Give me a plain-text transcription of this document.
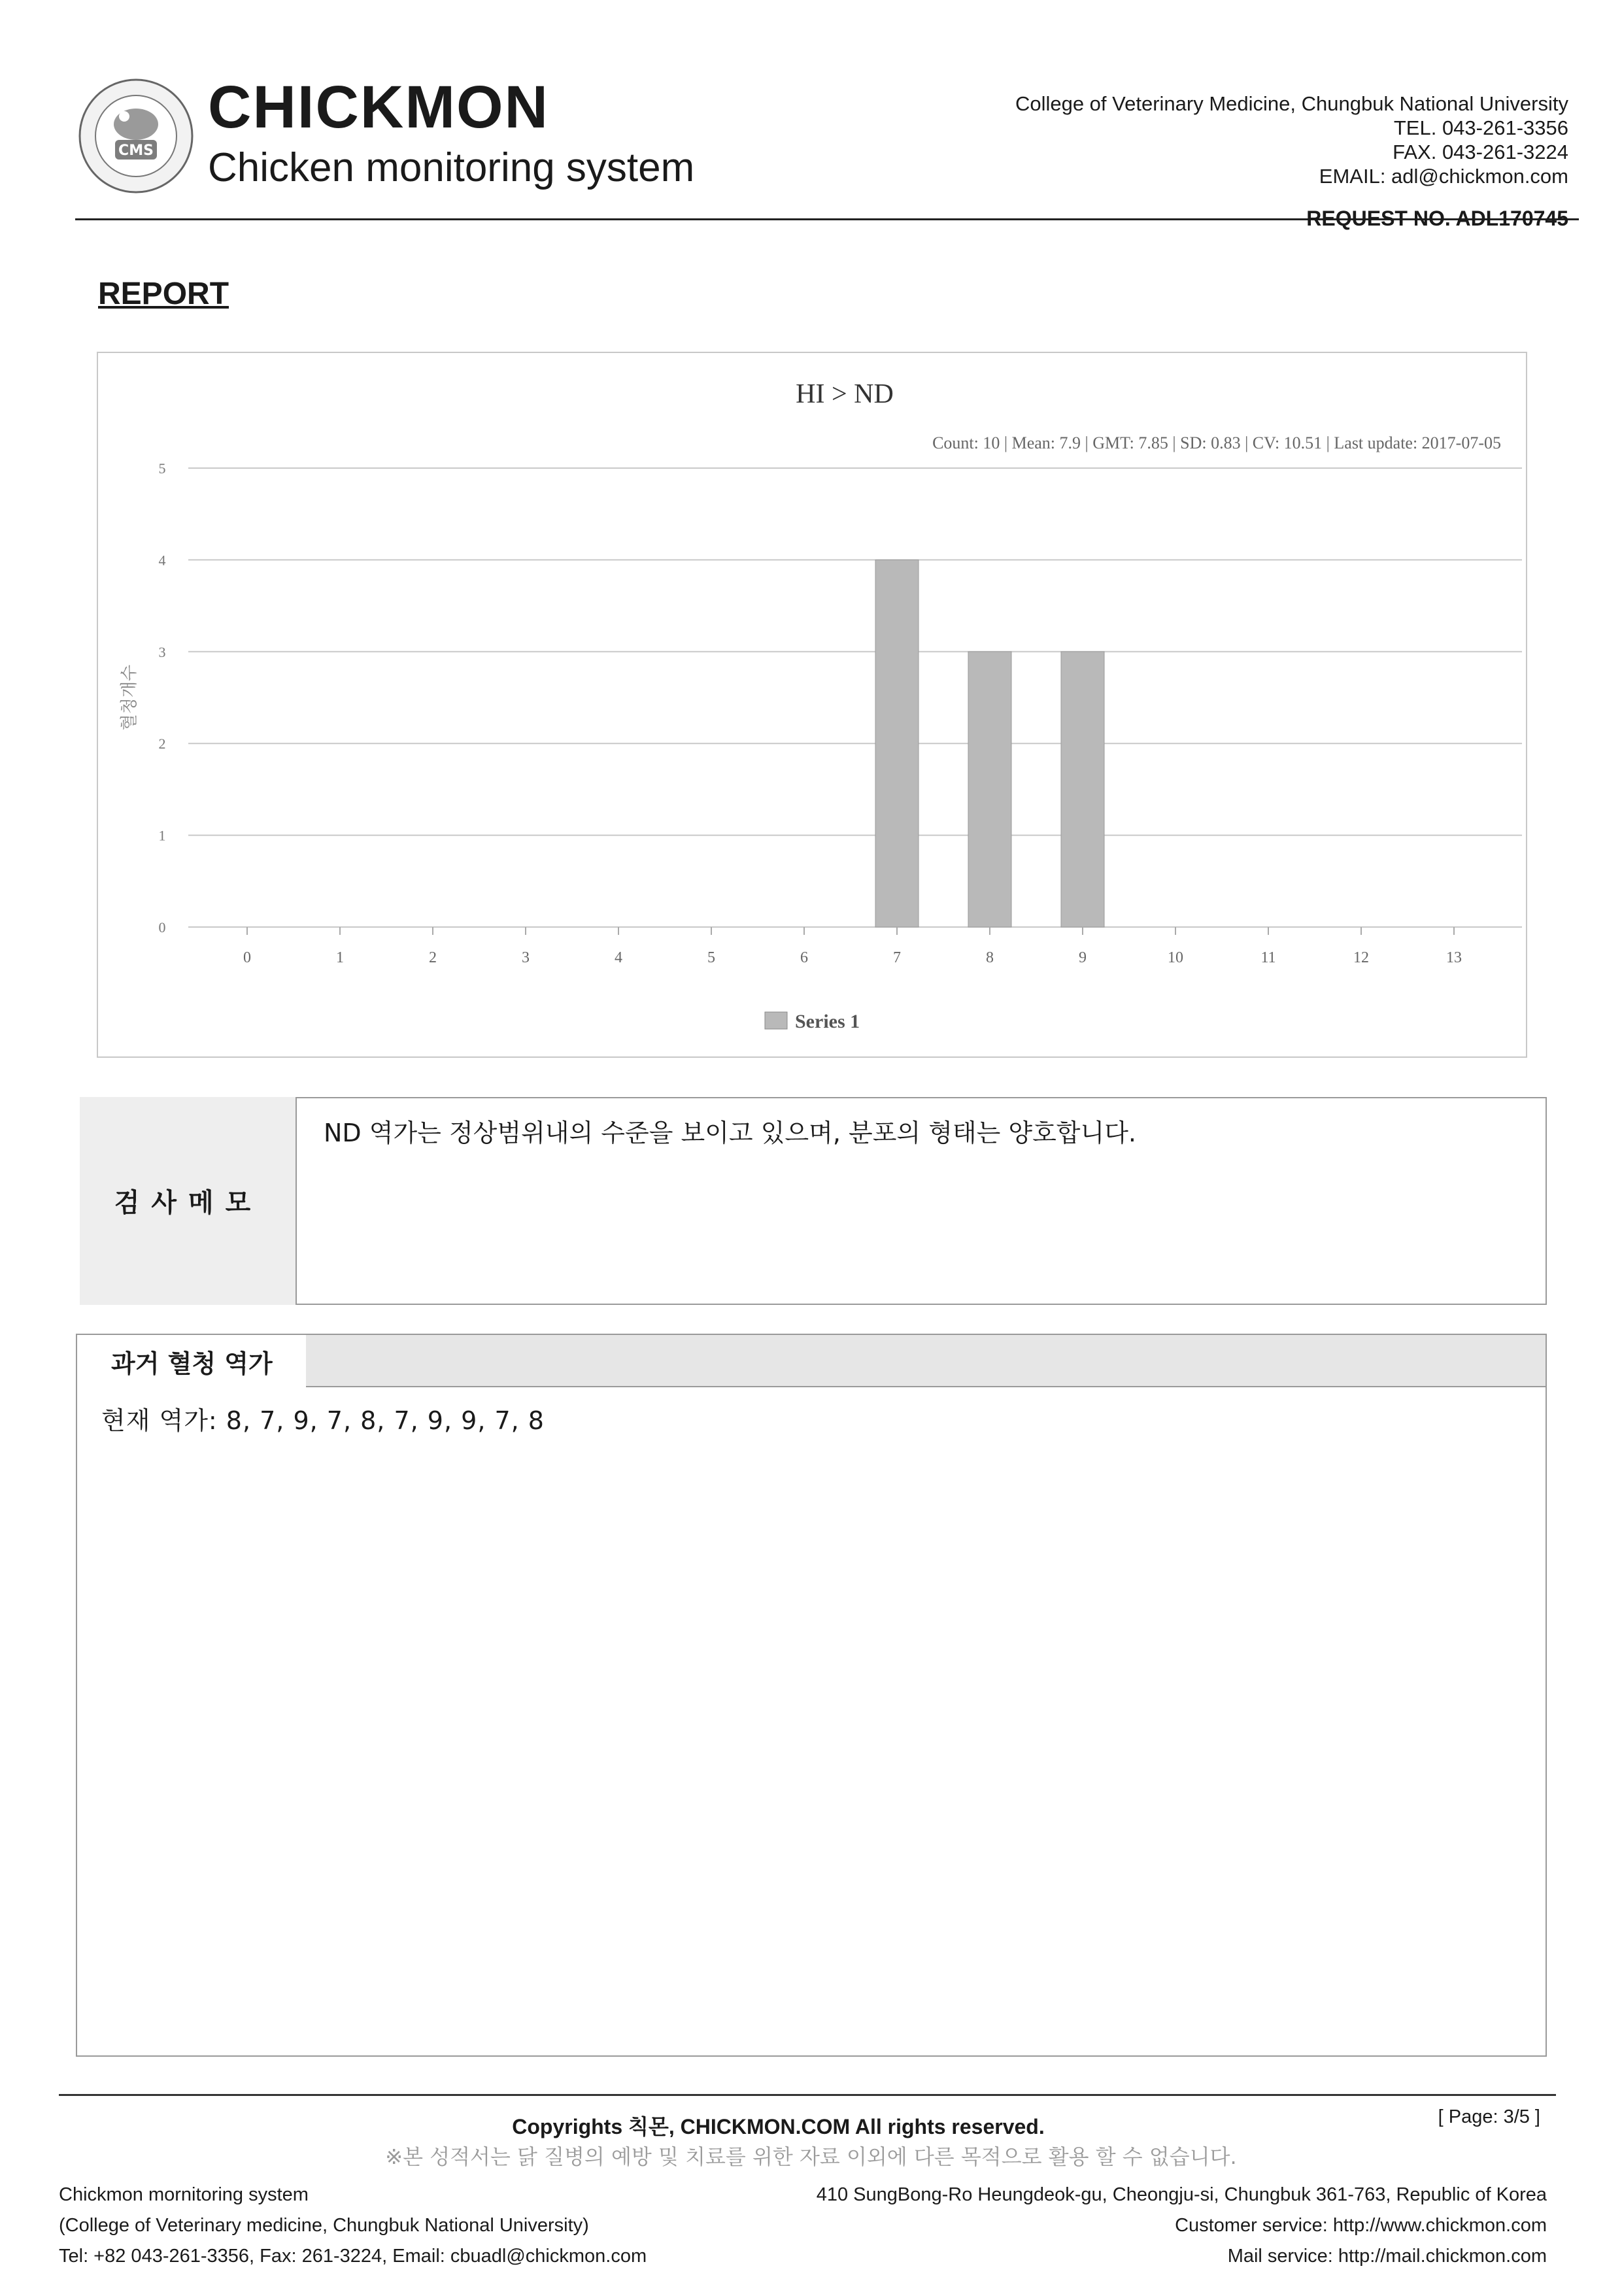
CMS
CHICKMON
Chicken monitoring system
College of Veterinary Medicine, Chungbuk National University
TEL. 043-261-3356
FAX. 043-261-3224
EMAIL: adl@chickmon.com
REQUEST NO. ADL170745
REPORT
HI > ND
Count: 10 | Mean: 7.9 | GMT: 7.85 | SD: 0.83 | CV: 10.51 | Last update: 2017-07-05
0
1
2
3
4
5
혈청개수
0	1	2	3	4	5	6	7	8	9	10	11	12	13
Series 1
검사메모
ND 역가는 정상범위내의 수준을 보이고 있으며, 분포의 형태는 양호합니다.
과거 혈청 역가
현재 역가: 8, 7, 9, 7, 8, 7, 9, 9, 7, 8
Copyrights 칙몬, CHICKMON.COM All rights reserved.	[ Page: 3/5 ]
※본 성적서는 닭 질병의 예방 및 치료를 위한 자료 이외에 다른 목적으로 활용 할 수 없습니다.
Chickmon mornitoring system
(College of Veterinary medicine, Chungbuk National University)
Tel: +82 043-261-3356, Fax: 261-3224, Email: cbuadl@chickmon.com
410 SungBong-Ro Heungdeok-gu, Cheongju-si, Chungbuk 361-763, Republic of Korea
Customer service: http://www.chickmon.com
Mail service: http://mail.chickmon.com
